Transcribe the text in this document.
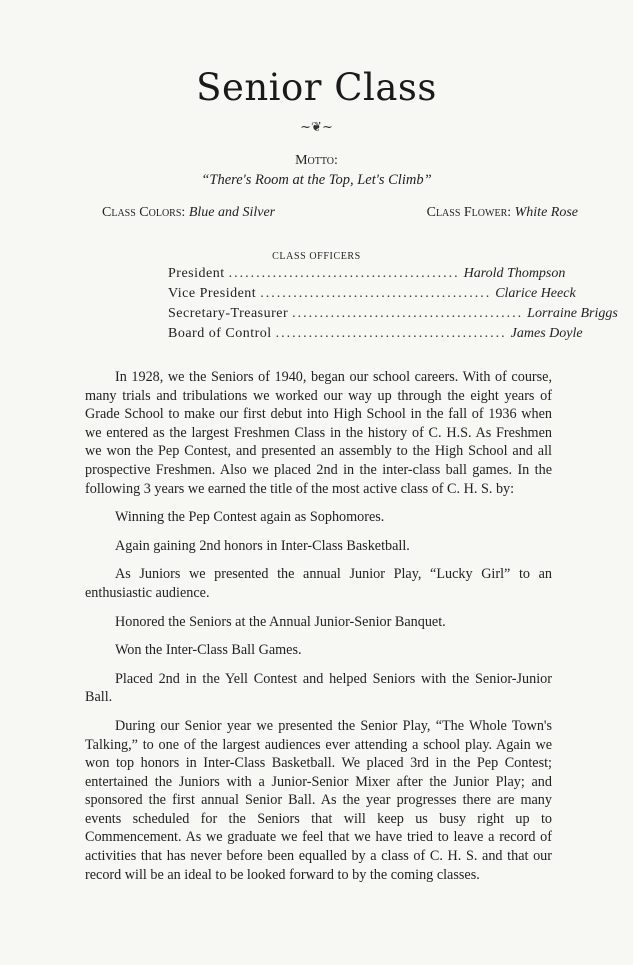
Senior Class
~❦~
Motto:
“There's Room at the Top, Let's Climb”
Class Colors: Blue and Silver	Class Flower: White Rose
CLASS OFFICERS
President .......................................... Harold Thompson
Vice President .......................................... Clarice Heeck
Secretary-Treasurer .......................................... Lorraine Briggs
Board of Control .......................................... James Doyle

In 1928, we the Seniors of 1940, began our school careers. With of course, many trials and tribulations we worked our way up through the eight years of Grade School to make our first debut into High School in the fall of 1936 when we entered as the largest Freshmen Class in the history of C. H.S. As Freshmen we won the Pep Contest, and presented an assembly to the High School and all prospective Freshmen. Also we placed 2nd in the inter-class ball games. In the following 3 years we earned the title of the most active class of C. H. S. by:

Winning the Pep Contest again as Sophomores.

Again gaining 2nd honors in Inter-Class Basketball.

As Juniors we presented the annual Junior Play, “Lucky Girl” to an enthusiastic audience.

Honored the Seniors at the Annual Junior-Senior Banquet.

Won the Inter-Class Ball Games.

Placed 2nd in the Yell Contest and helped Seniors with the Senior-Junior Ball.

During our Senior year we presented the Senior Play, “The Whole Town's Talking,” to one of the largest audiences ever attending a school play. Again we won top honors in Inter-Class Basketball. We placed 3rd in the Pep Contest; entertained the Juniors with a Junior-Senior Mixer after the Junior Play; and sponsored the first annual Senior Ball. As the year progresses there are many events scheduled for the Seniors that will keep us busy right up to Commencement. As we graduate we feel that we have tried to leave a record of activities that has never before been equalled by a class of C. H. S. and that our record will be an ideal to be looked forward to by the coming classes.
